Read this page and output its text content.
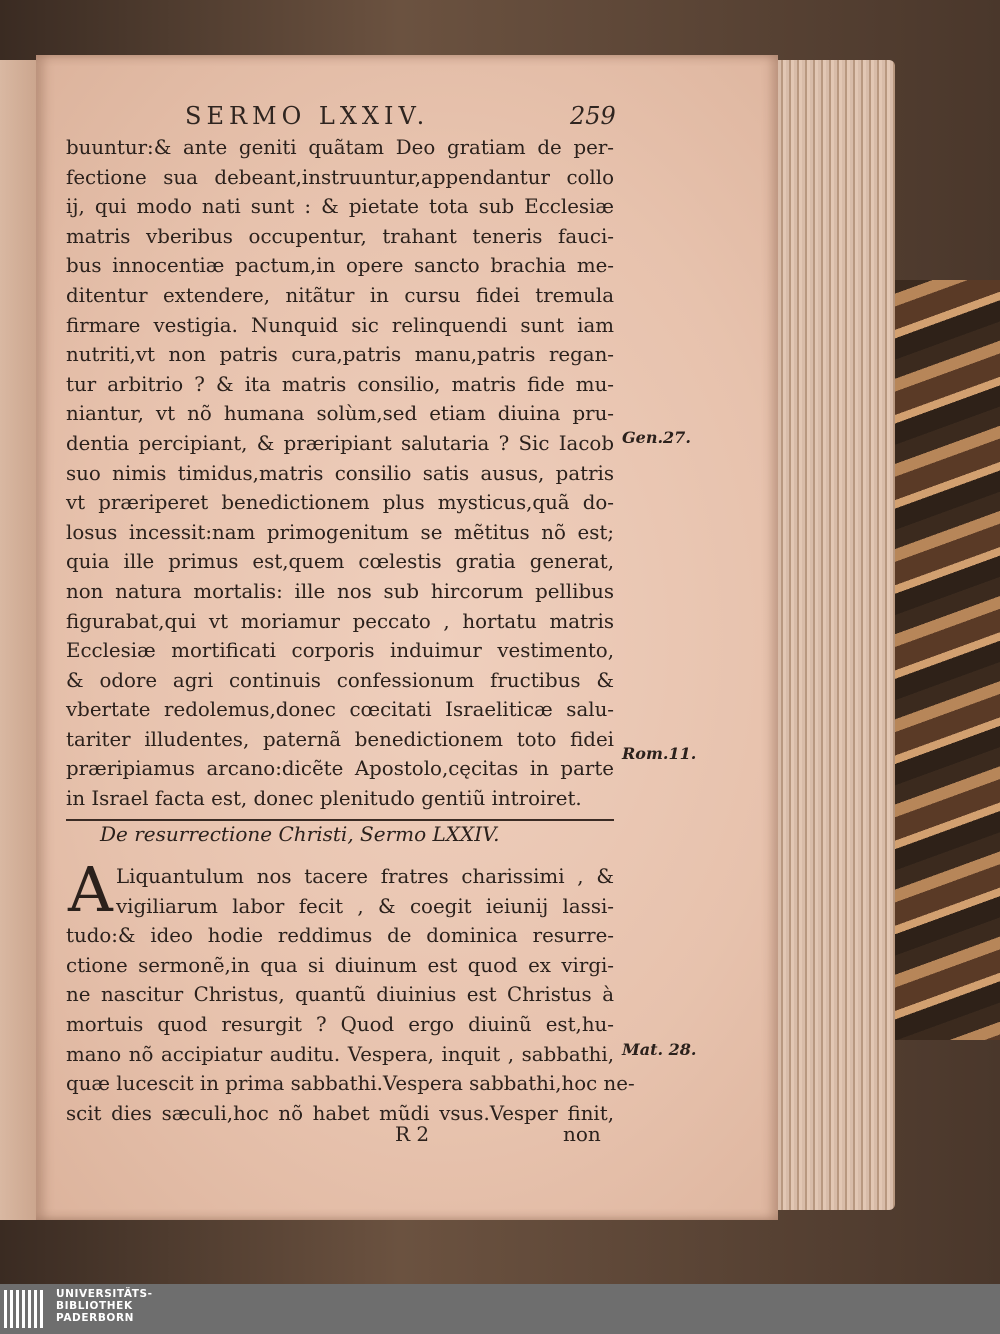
SERMO LXXIV.	259
buuntur:& ante geniti quãtam Deo gratiam de per-
fectione sua debeant,instruuntur,appendantur collo
ij, qui modo nati sunt : & pietate tota sub Ecclesiæ
matris vberibus occupentur, trahant teneris fauci-
bus innocentiæ pactum,in opere sancto brachia me-
ditentur extendere, nitãtur in cursu fidei tremula
firmare vestigia. Nunquid sic relinquendi sunt iam
nutriti,vt non patris cura,patris manu,patris regan-
tur arbitrio ? & ita matris consilio, matris fide mu-
niantur, vt nõ humana solùm,sed etiam diuina pru-
dentia percipiant, & præripiant salutaria ? Sic Iacob
suo nimis timidus,matris consilio satis ausus, patris
vt præriperet benedictionem plus mysticus,quã do-
losus incessit:nam primogenitum se mẽtitus nõ est;
quia ille primus est,quem cœlestis gratia generat,
non natura mortalis: ille nos sub hircorum pellibus
figurabat,qui vt moriamur peccato , hortatu matris
Ecclesiæ mortificati corporis induimur vestimento,
& odore agri continuis confessionum fructibus &
vbertate redolemus,donec cœcitati Israeliticæ salu-
tariter illudentes, paternã benedictionem toto fidei
præripiamus arcano:dicẽte Apostolo,cęcitas in parte
in Israel facta est, donec plenitudo gentiũ introiret.
Gen.27.
Rom.11.
Mat. 28.
De resurrectione Christi, Sermo LXXIV.
A Liquantulum nos tacere fratres charissimi , &
vigiliarum labor fecit , & coegit ieiunij lassi-
tudo:& ideo hodie reddimus de dominica resurre-
ctione sermonẽ,in qua si diuinum est quod ex virgi-
ne nascitur Christus, quantũ diuinius est Christus à
mortuis quod resurgit ? Quod ergo diuinũ est,hu-
mano nõ accipiatur auditu. Vespera, inquit , sabbathi,
quæ lucescit in prima sabbathi.Vespera sabbathi,hoc ne-
scit dies sæculi,hoc nõ habet mũdi vsus.Vesper finit,
R 2	non
UNIVERSITÄTS-
BIBLIOTHEK
PADERBORN
